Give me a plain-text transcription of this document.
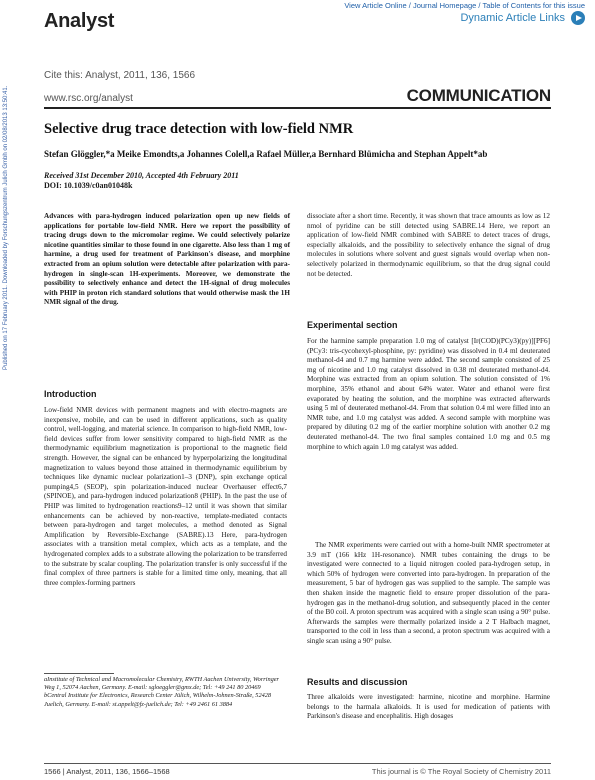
Analyst
View Article Online / Journal Homepage / Table of Contents for this issue
Dynamic Article Links
Cite this: Analyst, 2011, 136, 1566
www.rsc.org/analyst	COMMUNICATION
Published on 17 February 2011. Downloaded by Forschungszentrum Julich Gmbh on 02/08/2013 13:50:41. Selective drug trace detection with low-field NMR
Stefan Glöggler,*a Meike Emondts,a Johannes Colell,a Rafael Müller,a Bernhard Blümicha and Stephan Appelt*ab
Received 31st December 2010, Accepted 4th February 2011
DOI: 10.1039/c0an01048k
Advances with para-hydrogen induced polarization open up new fields of applications for portable low-field NMR. Here we report the possibility of tracing drugs down to the micromolar regime. We could selectively polarize nicotine quantities similar to those found in one cigarette. Also less than 1 mg of harmine, a drug used for treatment of Parkinson's disease, and morphine extracted from an opium solution were detectable after polarization with para-hydrogen in single-scan 1H-experiments. Moreover, we demonstrate the possibility to selectively enhance and detect the 1H-signal of drug molecules with PHIP in proton rich standard solutions that would otherwise mask the 1H NMR signal of the drug.
dissociate after a short time. Recently, it was shown that trace amounts as low as 12 nmol of pyridine can be still detected using SABRE.14 Here, we report an application of low-field NMR combined with SABRE to detect traces of drugs, especially alkaloids, and the possibility to selectively enhance the signal of drug molecules in solutions where solvent and guest signals would overlap when non-selectively polarized in thermodynamic equilibrium, so that the drug signal could not be detected.
Introduction
Low-field NMR devices with permanent magnets and with electro-magnets are inexpensive, mobile, and can be used in different applications, such as quality control, well-logging, and material science. In comparison to high-field NMR, low-field devices suffer from lower sensitivity compared to high-field NMR as the thermodynamic equilibrium magnetization is proportional to the magnetic field strength. However, the signal can be enhanced by hyperpolarizing the longitudinal magnetization to values beyond those attained in thermodynamic equilibrium by techniques like dynamic nuclear polarization1–3 (DNP), spin exchange optical pumping4,5 (SEOP), spin polarization-induced nuclear Overhauser effect6,7 (SPINOE), and para-hydrogen induced polarization8 (PHIP). In the past the use of PHIP was limited to hydrogenation reactions9–12 until it was shown that similar enhancements can be achieved by non-reactive, template-mediated contacts between para-hydrogen and target molecules, a method denoted as Signal Amplification by Reversible-Exchange (SABRE).13 Here, para-hydrogen associates with a transition metal complex, which acts as a template, and the hydrogenated complex adds to a substrate allowing the polarization to be transferred to the substrate by scalar coupling. The polarization transfer is only successful if the final complex of three partners is stable for a limited time only, meaning, that all three complex-forming partners
Experimental section
For the harmine sample preparation 1.0 mg of catalyst [Ir(COD)(PCy3)(py)][PF6] (PCy3: tris-cycohexyl-phosphine, py: pyridine) was dissolved in 0.4 ml deuterated methanol-d4 and 0.7 mg harmine were added. The second sample consisted of 25 mg of nicotine and 1.0 mg catalyst dissolved in 0.38 ml deuterated methanol-d4. Morphine was extracted from an opium solution. The solution consisted of 1% morphine, 35% ethanol and about 64% water. Water and ethanol were first evaporated by heating the solution, and the morphine was extracted afterwards using 5 ml of deuterated methanol-d4. From that solution 0.4 ml were filled into an NMR tube, and 1.0 mg catalyst was added. A second sample with morphine was prepared by diluting 0.2 mg of the earlier morphine solution with another 0.2 mg deuterated methanol-d4. The two final samples contained 1.0 mg and 0.5 mg morphine to which again 1.0 mg catalyst was added.
The NMR experiments were carried out with a home-built NMR spectrometer at 3.9 mT (166 kHz 1H-resonance). NMR tubes containing the drugs to be investigated were connected to a liquid nitrogen cooled para-hydrogen setup, in which 50% of hydrogen were converted into para-hydrogen. In preparation of the measurement, 5 bar of hydrogen gas was supplied to the sample. The sample was then shaken inside the magnetic field to ensure proper dissolution of the para-hydrogen gas in the methanol-drug solution, and subsequently placed in the center of the B0 coil. A proton spectrum was acquired with a single scan using a 90° pulse. Afterwards the samples were thermally polarized inside a 2 T Halbach magnet, transported to the coil in less than a second, a proton spectrum was acquired with a single scan using a 90° pulse.
Results and discussion
Three alkaloids were investigated: harmine, nicotine and morphine. Harmine belongs to the harmala alkaloids. It is used for medication of patients with Parkinson's disease and encephalitis. High dosages
aInstitute of Technical and Macromolecular Chemistry, RWTH Aachen University, Worringer Weg 1, 52074 Aachen, Germany. E-mail: sgloeggler@gmx.de; Tel: +49 241 80 20469
bCentral Institute for Electronics, Research Center Jülich, Wilhelm-Johnen-Straße, 52428 Juelich, Germany. E-mail: st.appelt@fz-juelich.de; Tel: +49 2461 61 3884
1566 | Analyst, 2011, 136, 1566–1568	This journal is © The Royal Society of Chemistry 2011
